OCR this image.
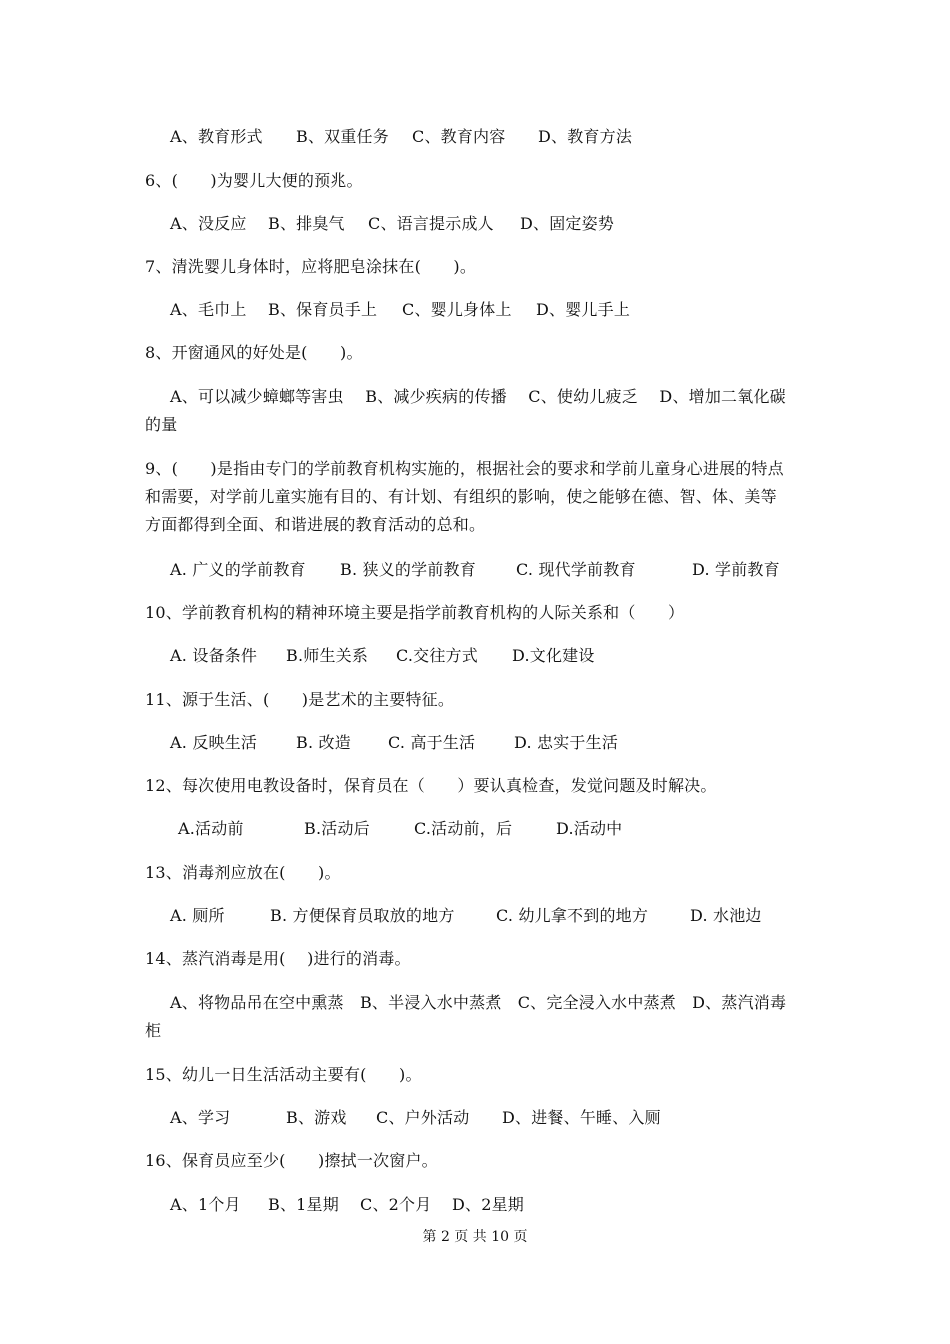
A、教育形式 B、双重任务 C、教育内容 D、教育方法
6、(　　)为婴儿大便的预兆。
A、没反应 B、排臭气 C、语言提示成人 D、固定姿势
7、清洗婴儿身体时，应将肥皂涂抹在(　　)。
A、毛巾上 B、保育员手上 C、婴儿身体上 D、婴儿手上
8、开窗通风的好处是(　　)。
A、可以减少蟑螂等害虫　 B、减少疾病的传播　 C、使幼儿疲乏　 D、增加二氧化碳
的量
9、(　　)是指由专门的学前教育机构实施的，根据社会的要求和学前儿童身心进展的特点
和需要，对学前儿童实施有目的、有计划、有组织的影响，使之能够在德、智、体、美等
方面都得到全面、和谐进展的教育活动的总和。
A. 广义的学前教育 B. 狭义的学前教育	C. 现代学前教育	D. 学前教育
10、学前教育机构的精神环境主要是指学前教育机构的人际关系和（　　）
A. 设备条件 B.师生关系 C.交往方式 D.文化建设
11、源于生活、(　　)是艺术的主要特征。
A. 反映生活 B. 改造 C. 高于生活 D. 忠实于生活
12、每次使用电教设备时，保育员在（　　）要认真检查，发觉问题及时解决。
A.活动前	B.活动后	C.活动前，后	D.活动中
13、消毒剂应放在(　　)。
A. 厕所	B. 方便保育员取放的地方	C. 幼儿拿不到的地方	D. 水池边
14、蒸汽消毒是用(　 )进行的消毒。
A、将物品吊在空中熏蒸　B、半浸入水中蒸煮　C、完全浸入水中蒸煮　D、蒸汽消毒
柜
15、幼儿一日生活活动主要有(　　)。
A、学习	B、游戏 C、户外活动 D、进餐、午睡、入厕
16、保育员应至少(　　)擦拭一次窗户。
A、1个月 B、1星期 C、2个月 D、2星期
第 2 页 共 10 页
